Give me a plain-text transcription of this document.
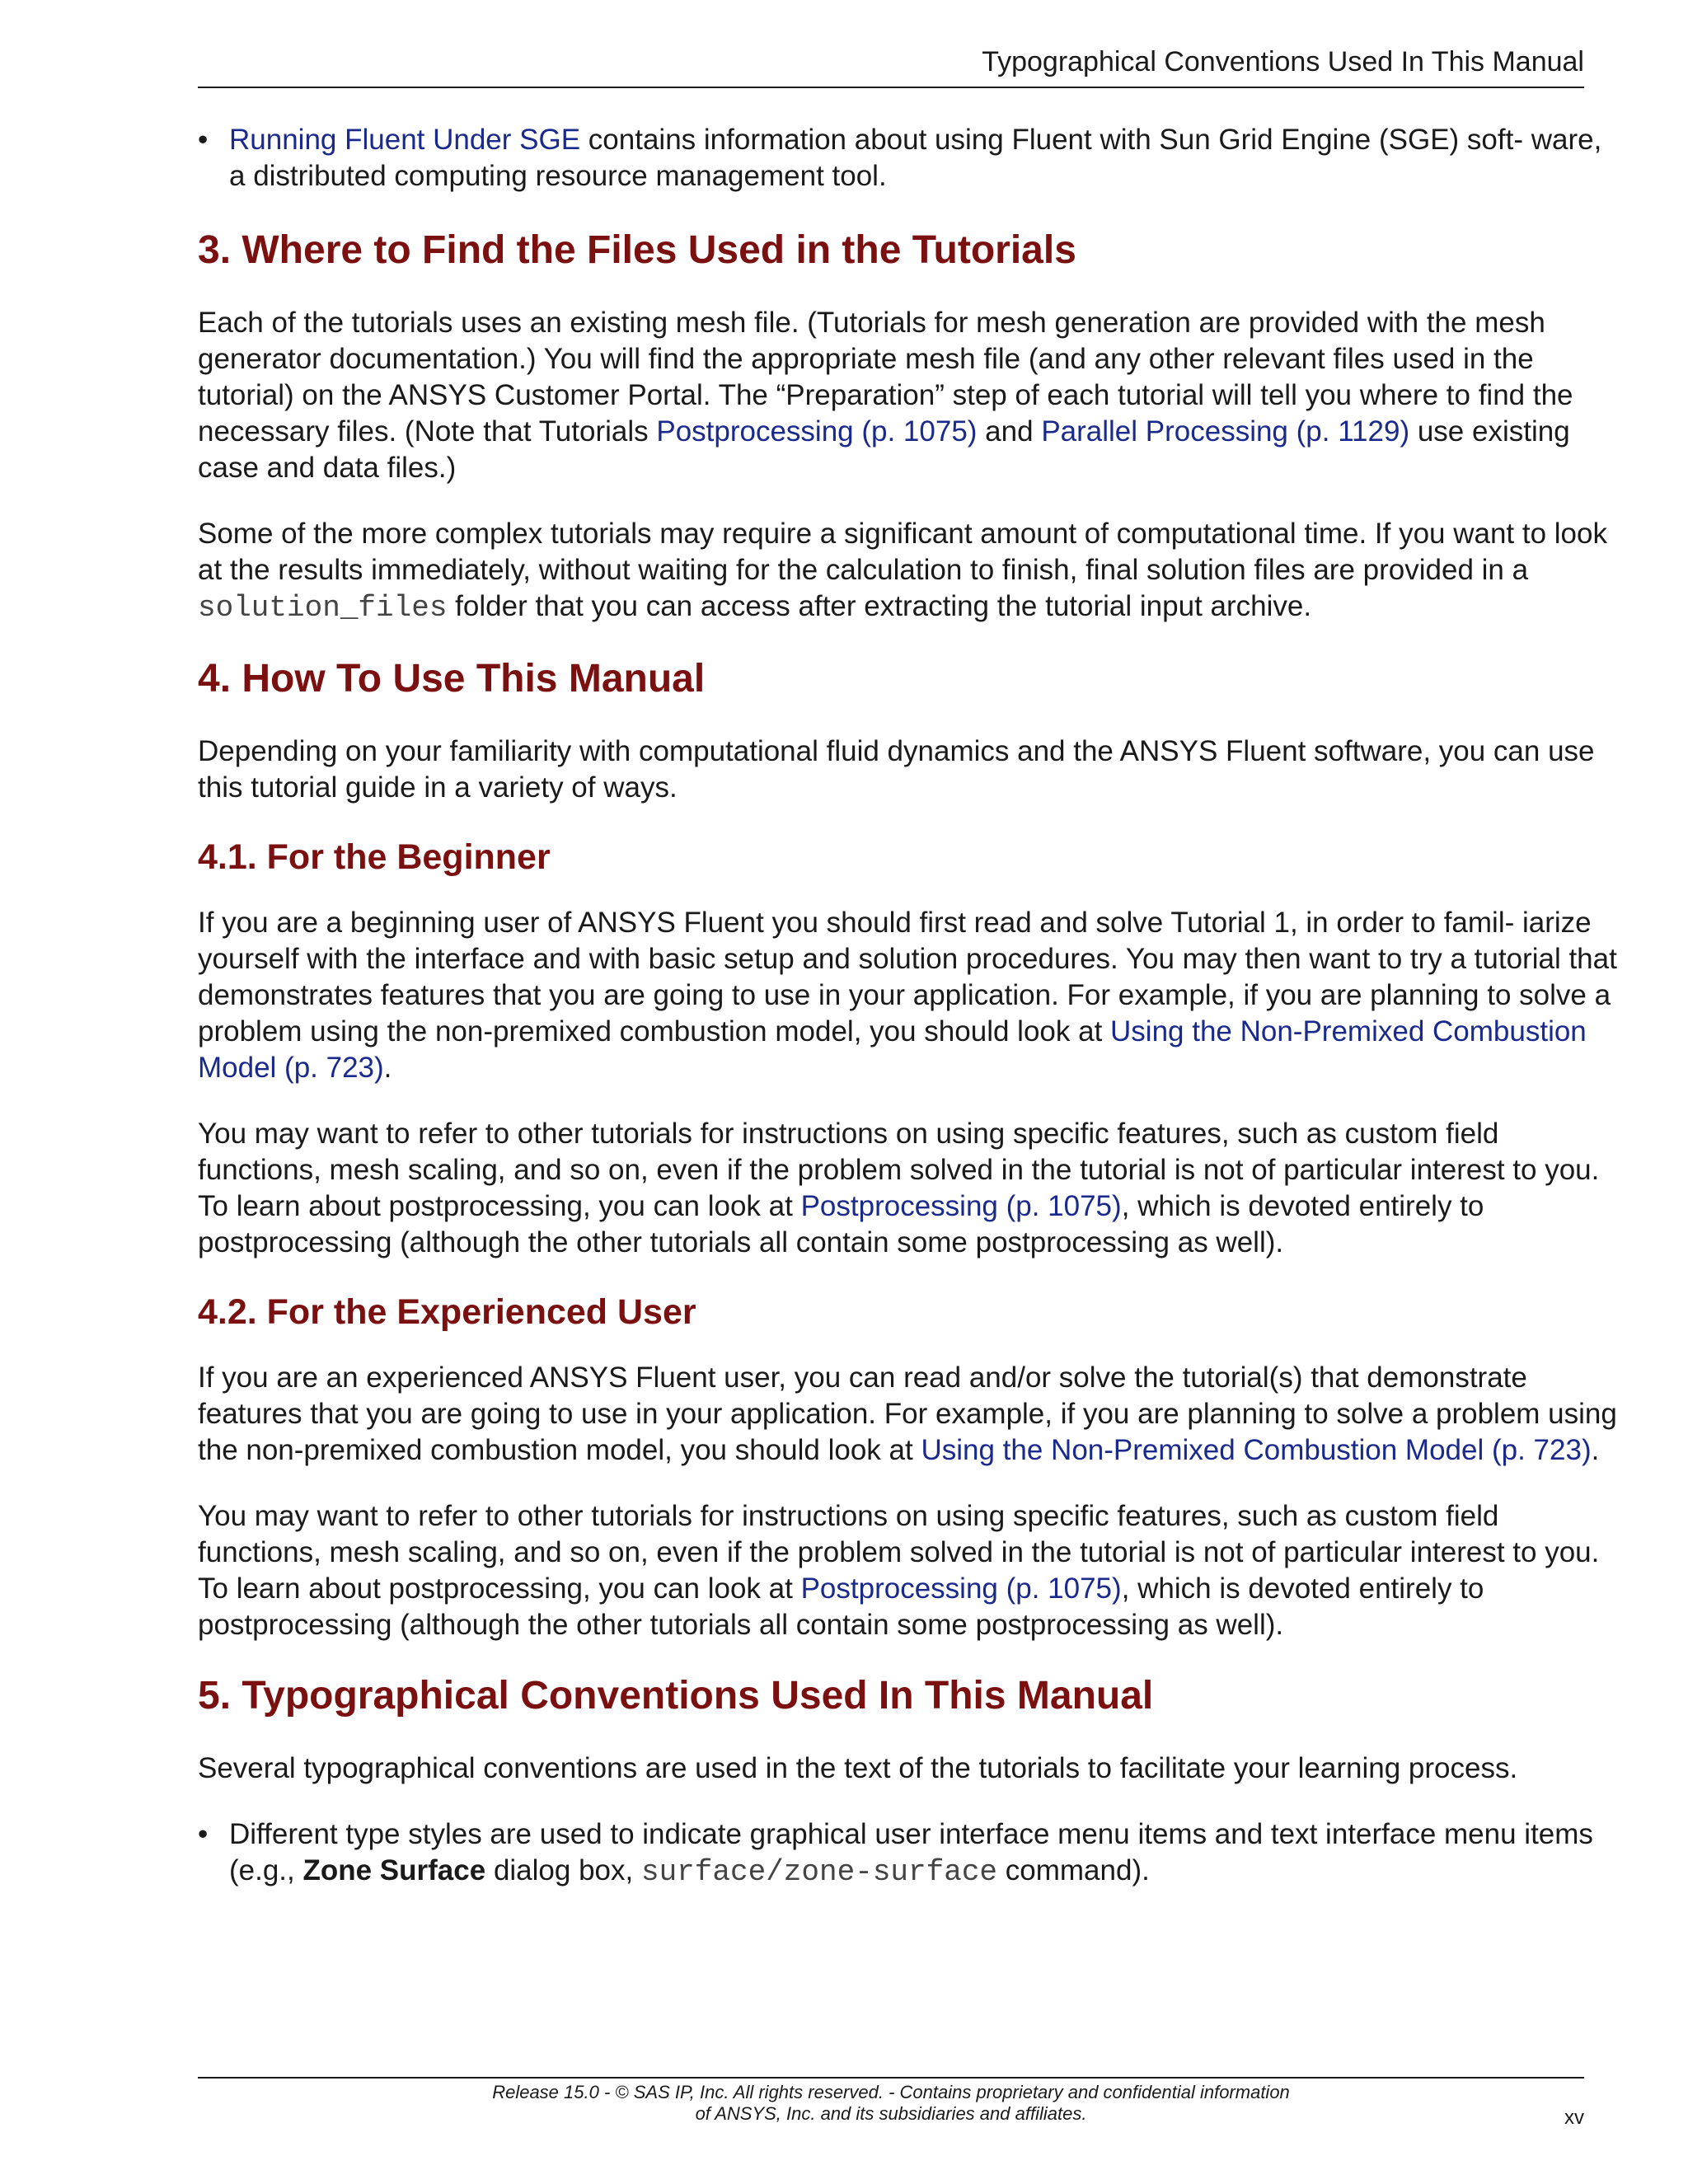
Typographical Conventions Used In This Manual
• Running Fluent Under SGE contains information about using Fluent with Sun Grid Engine (SGE) soft- ware, a distributed computing resource management tool.
3. Where to Find the Files Used in the Tutorials

Each of the tutorials uses an existing mesh file. (Tutorials for mesh generation are provided with the mesh generator documentation.) You will find the appropriate mesh file (and any other relevant files used in the tutorial) on the ANSYS Customer Portal. The “Preparation” step of each tutorial will tell you where to find the necessary files. (Note that Tutorials Postprocessing (p. 1075) and Parallel Processing (p. 1129) use existing case and data files.)

Some of the more complex tutorials may require a significant amount of computational time. If you want to look at the results immediately, without waiting for the calculation to finish, final solution files are provided in a solution_files folder that you can access after extracting the tutorial input archive.

4. How To Use This Manual

Depending on your familiarity with computational fluid dynamics and the ANSYS Fluent software, you can use this tutorial guide in a variety of ways.

4.1. For the Beginner

If you are a beginning user of ANSYS Fluent you should first read and solve Tutorial 1, in order to famil- iarize yourself with the interface and with basic setup and solution procedures. You may then want to try a tutorial that demonstrates features that you are going to use in your application. For example, if you are planning to solve a problem using the non-premixed combustion model, you should look at Using the Non-Premixed Combustion Model (p. 723).

You may want to refer to other tutorials for instructions on using specific features, such as custom field functions, mesh scaling, and so on, even if the problem solved in the tutorial is not of particular interest to you. To learn about postprocessing, you can look at Postprocessing (p. 1075), which is devoted entirely to postprocessing (although the other tutorials all contain some postprocessing as well).

4.2. For the Experienced User

If you are an experienced ANSYS Fluent user, you can read and/or solve the tutorial(s) that demonstrate features that you are going to use in your application. For example, if you are planning to solve a problem using the non-premixed combustion model, you should look at Using the Non-Premixed Combustion Model (p. 723).

You may want to refer to other tutorials for instructions on using specific features, such as custom field functions, mesh scaling, and so on, even if the problem solved in the tutorial is not of particular interest to you. To learn about postprocessing, you can look at Postprocessing (p. 1075), which is devoted entirely to postprocessing (although the other tutorials all contain some postprocessing as well).

5. Typographical Conventions Used In This Manual

Several typographical conventions are used in the text of the tutorials to facilitate your learning process.

• Different type styles are used to indicate graphical user interface menu items and text interface menu items (e.g., Zone Surface dialog box, surface/zone-surface command).
Release 15.0 - © SAS IP, Inc. All rights reserved. - Contains proprietary and confidential information
of ANSYS, Inc. and its subsidiaries and affiliates.	xv
